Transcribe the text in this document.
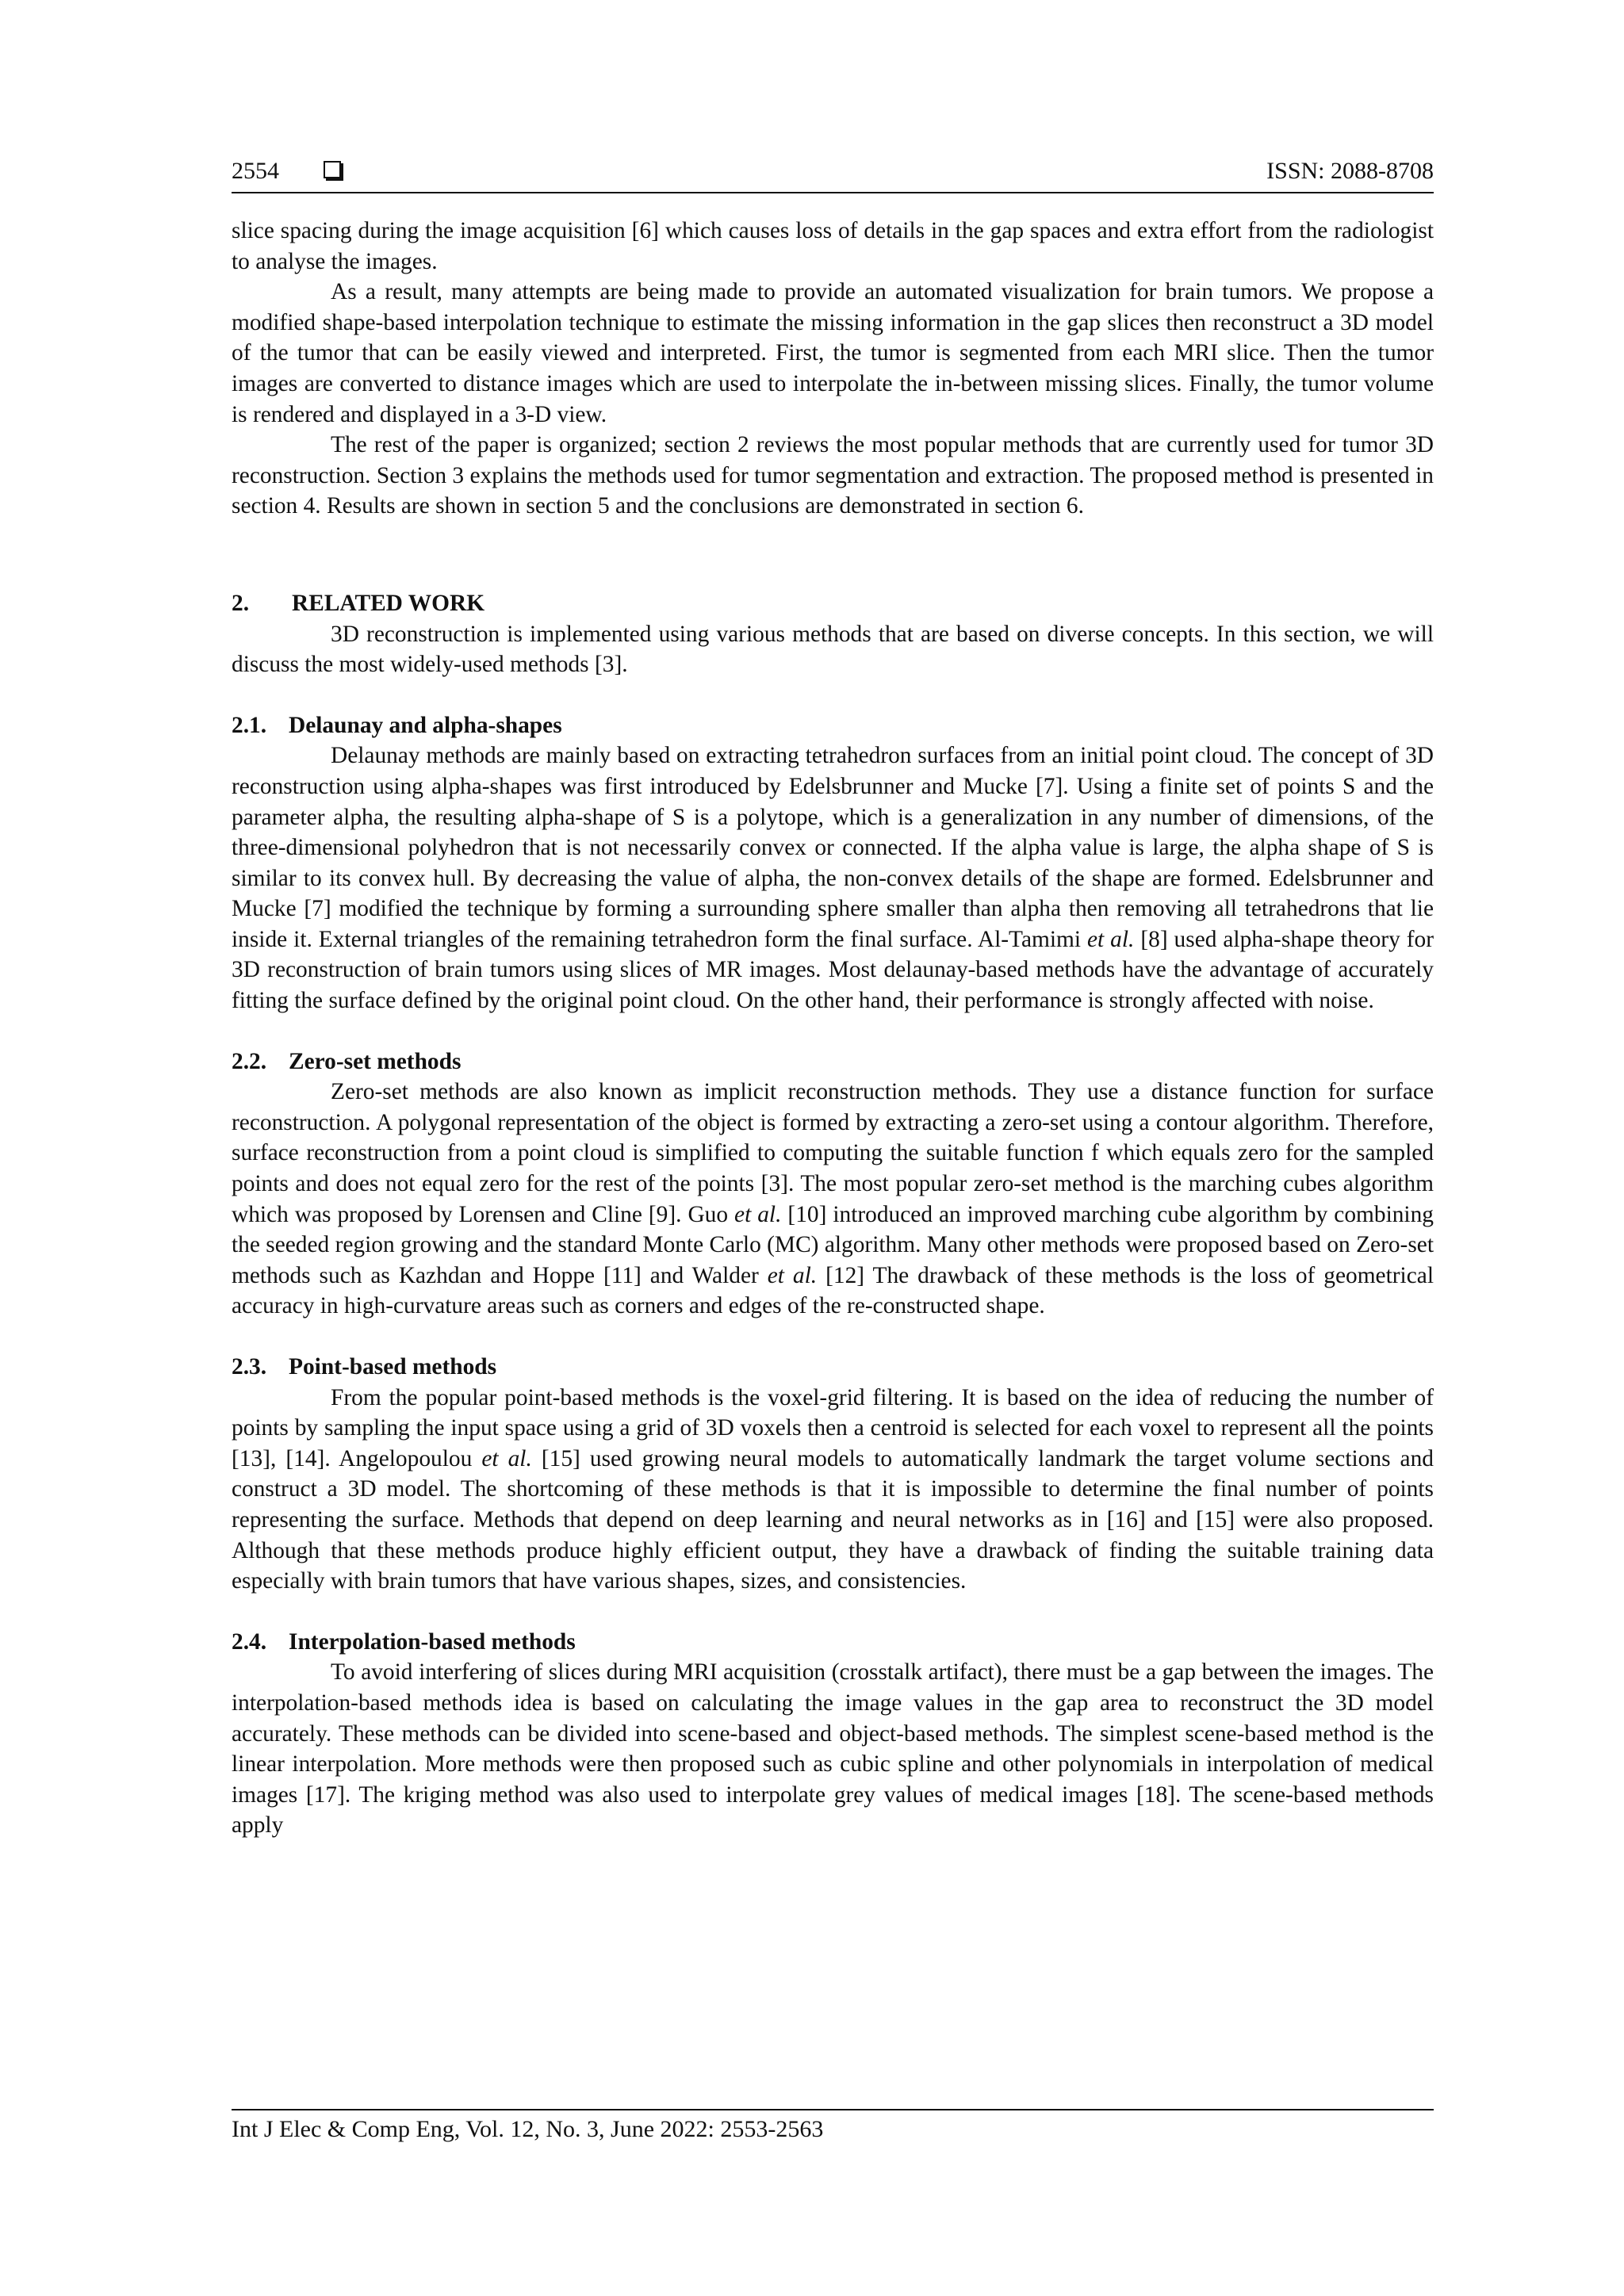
2554	ISSN: 2088-8708

slice spacing during the image acquisition [6] which causes loss of details in the gap spaces and extra effort from the radiologist to analyse the images.

As a result, many attempts are being made to provide an automated visualization for brain tumors. We propose a modified shape-based interpolation technique to estimate the missing information in the gap slices then reconstruct a 3D model of the tumor that can be easily viewed and interpreted. First, the tumor is segmented from each MRI slice. Then the tumor images are converted to distance images which are used to interpolate the in-between missing slices. Finally, the tumor volume is rendered and displayed in a 3-D view.

The rest of the paper is organized; section 2 reviews the most popular methods that are currently used for tumor 3D reconstruction. Section 3 explains the methods used for tumor segmentation and extraction. The proposed method is presented in section 4. Results are shown in section 5 and the conclusions are demonstrated in section 6.

2. RELATED WORK

3D reconstruction is implemented using various methods that are based on diverse concepts. In this section, we will discuss the most widely-used methods [3].

2.1. Delaunay and alpha-shapes

Delaunay methods are mainly based on extracting tetrahedron surfaces from an initial point cloud. The concept of 3D reconstruction using alpha-shapes was first introduced by Edelsbrunner and Mucke [7]. Using a finite set of points S and the parameter alpha, the resulting alpha-shape of S is a polytope, which is a generalization in any number of dimensions, of the three-dimensional polyhedron that is not necessarily convex or connected. If the alpha value is large, the alpha shape of S is similar to its convex hull. By decreasing the value of alpha, the non-convex details of the shape are formed. Edelsbrunner and Mucke [7] modified the technique by forming a surrounding sphere smaller than alpha then removing all tetrahedrons that lie inside it. External triangles of the remaining tetrahedron form the final surface. Al-Tamimi et al. [8] used alpha-shape theory for 3D reconstruction of brain tumors using slices of MR images. Most delaunay-based methods have the advantage of accurately fitting the surface defined by the original point cloud. On the other hand, their performance is strongly affected with noise.

2.2. Zero-set methods

Zero-set methods are also known as implicit reconstruction methods. They use a distance function for surface reconstruction. A polygonal representation of the object is formed by extracting a zero-set using a contour algorithm. Therefore, surface reconstruction from a point cloud is simplified to computing the suitable function f which equals zero for the sampled points and does not equal zero for the rest of the points [3]. The most popular zero-set method is the marching cubes algorithm which was proposed by Lorensen and Cline [9]. Guo et al. [10] introduced an improved marching cube algorithm by combining the seeded region growing and the standard Monte Carlo (MC) algorithm. Many other methods were proposed based on Zero-set methods such as Kazhdan and Hoppe [11] and Walder et al. [12] The drawback of these methods is the loss of geometrical accuracy in high-curvature areas such as corners and edges of the re-constructed shape.

2.3. Point-based methods

From the popular point-based methods is the voxel-grid filtering. It is based on the idea of reducing the number of points by sampling the input space using a grid of 3D voxels then a centroid is selected for each voxel to represent all the points [13], [14]. Angelopoulou et al. [15] used growing neural models to automatically landmark the target volume sections and construct a 3D model. The shortcoming of these methods is that it is impossible to determine the final number of points representing the surface. Methods that depend on deep learning and neural networks as in [16] and [15] were also proposed. Although that these methods produce highly efficient output, they have a drawback of finding the suitable training data especially with brain tumors that have various shapes, sizes, and consistencies.

2.4. Interpolation-based methods

To avoid interfering of slices during MRI acquisition (crosstalk artifact), there must be a gap between the images. The interpolation-based methods idea is based on calculating the image values in the gap area to reconstruct the 3D model accurately. These methods can be divided into scene-based and object-based methods. The simplest scene-based method is the linear interpolation. More methods were then proposed such as cubic spline and other polynomials in interpolation of medical images [17]. The kriging method was also used to interpolate grey values of medical images [18]. The scene-based methods apply

Int J Elec & Comp Eng, Vol. 12, No. 3, June 2022: 2553-2563
